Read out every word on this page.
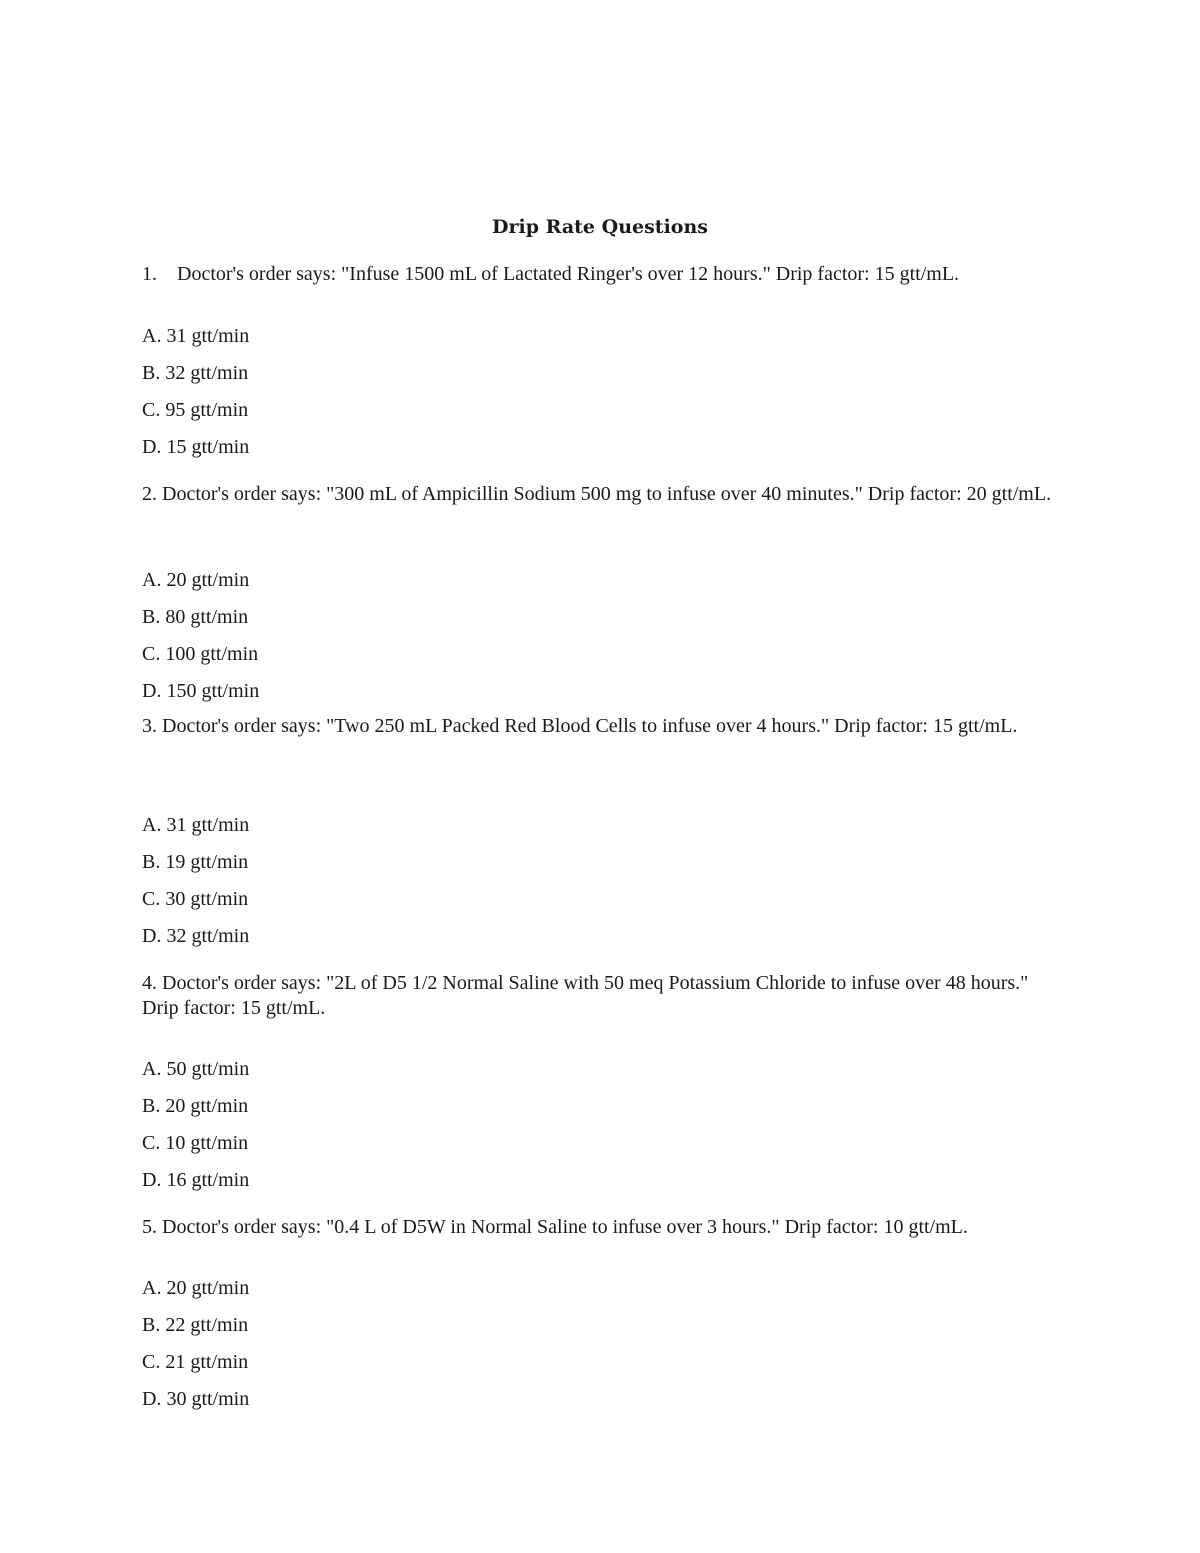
Drip Rate Questions

1. Doctor's order says: "Infuse 1500 mL of Lactated Ringer's over 12 hours." Drip factor: 15 gtt/mL.

A. 31 gtt/min

B. 32 gtt/min

C. 95 gtt/min

D. 15 gtt/min

2. Doctor's order says: "300 mL of Ampicillin Sodium 500 mg to infuse over 40 minutes." Drip factor: 20 gtt/mL.

A. 20 gtt/min

B. 80 gtt/min

C. 100 gtt/min

D. 150 gtt/min

3. Doctor's order says: "Two 250 mL Packed Red Blood Cells to infuse over 4 hours." Drip factor: 15 gtt/mL.

A. 31 gtt/min

B. 19 gtt/min

C. 30 gtt/min

D. 32 gtt/min

4. Doctor's order says: "2L of D5 1/2 Normal Saline with 50 meq Potassium Chloride to infuse over 48 hours." Drip factor: 15 gtt/mL.

A. 50 gtt/min

B. 20 gtt/min

C. 10 gtt/min

D. 16 gtt/min

5. Doctor's order says: "0.4 L of D5W in Normal Saline to infuse over 3 hours." Drip factor: 10 gtt/mL.

A. 20 gtt/min

B. 22 gtt/min

C. 21 gtt/min

D. 30 gtt/min
